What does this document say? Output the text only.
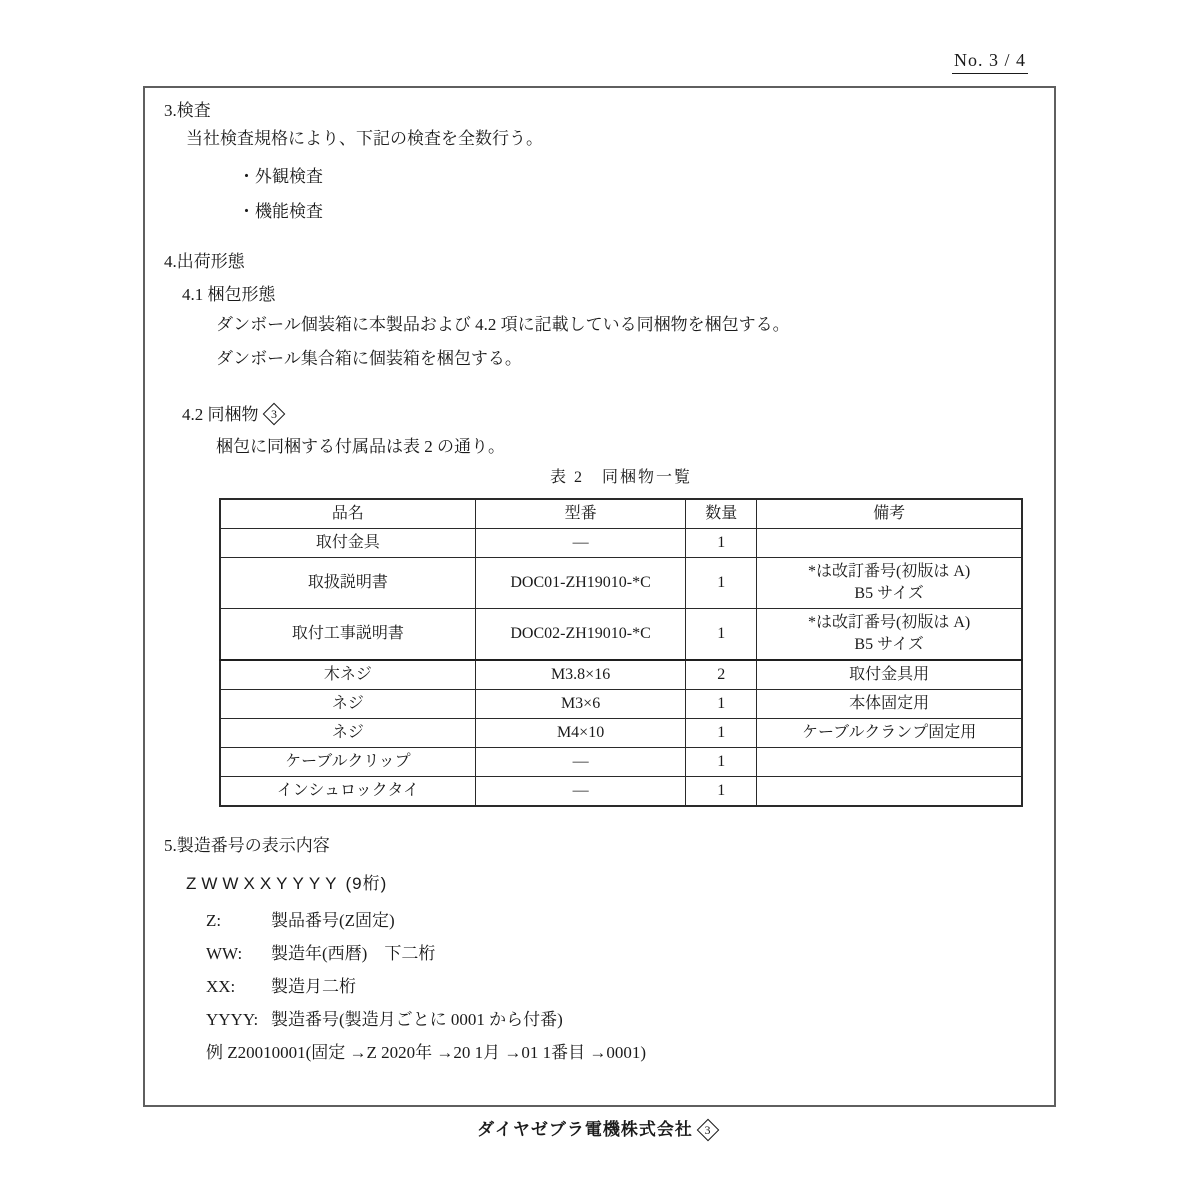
No. 3 / 4
3.検査
当社検査規格により、下記の検査を全数行う。
・外観検査
・機能検査
4.出荷形態
4.1 梱包形態
ダンボール個装箱に本製品および 4.2 項に記載している同梱物を梱包する。
ダンボール集合箱に個装箱を梱包する。
4.2 同梱物	3
梱包に同梱する付属品は表 2 の通り。
表 2　同梱物一覧
品名	型番	数量	備考
取付金具	―	1	
取扱説明書	DOC01-ZH19010-*C	1	*は改訂番号(初版は A)
B5 サイズ

取付工事説明書	DOC02-ZH19010-*C	1	*は改訂番号(初版は A)
B5 サイズ

木ネジ	M3.8×16	2	取付金具用
ネジ	M3×6	1	本体固定用
ネジ	M4×10	1	ケーブルクランプ固定用
ケーブルクリップ	―	1	
インシュロックタイ	―	1	
5.製造番号の表示内容
ZWWXXYYYY (9桁)
Z:	製品番号(Z固定)
WW:	製造年(西暦)　下二桁
XX:	製造月二桁
YYYY: 製造番号(製造月ごとに 0001 から付番)
例 Z20010001(固定 →Z 2020年 →20 1月 →01 1番目 →0001)
ダイヤゼブラ電機株式会社 3
